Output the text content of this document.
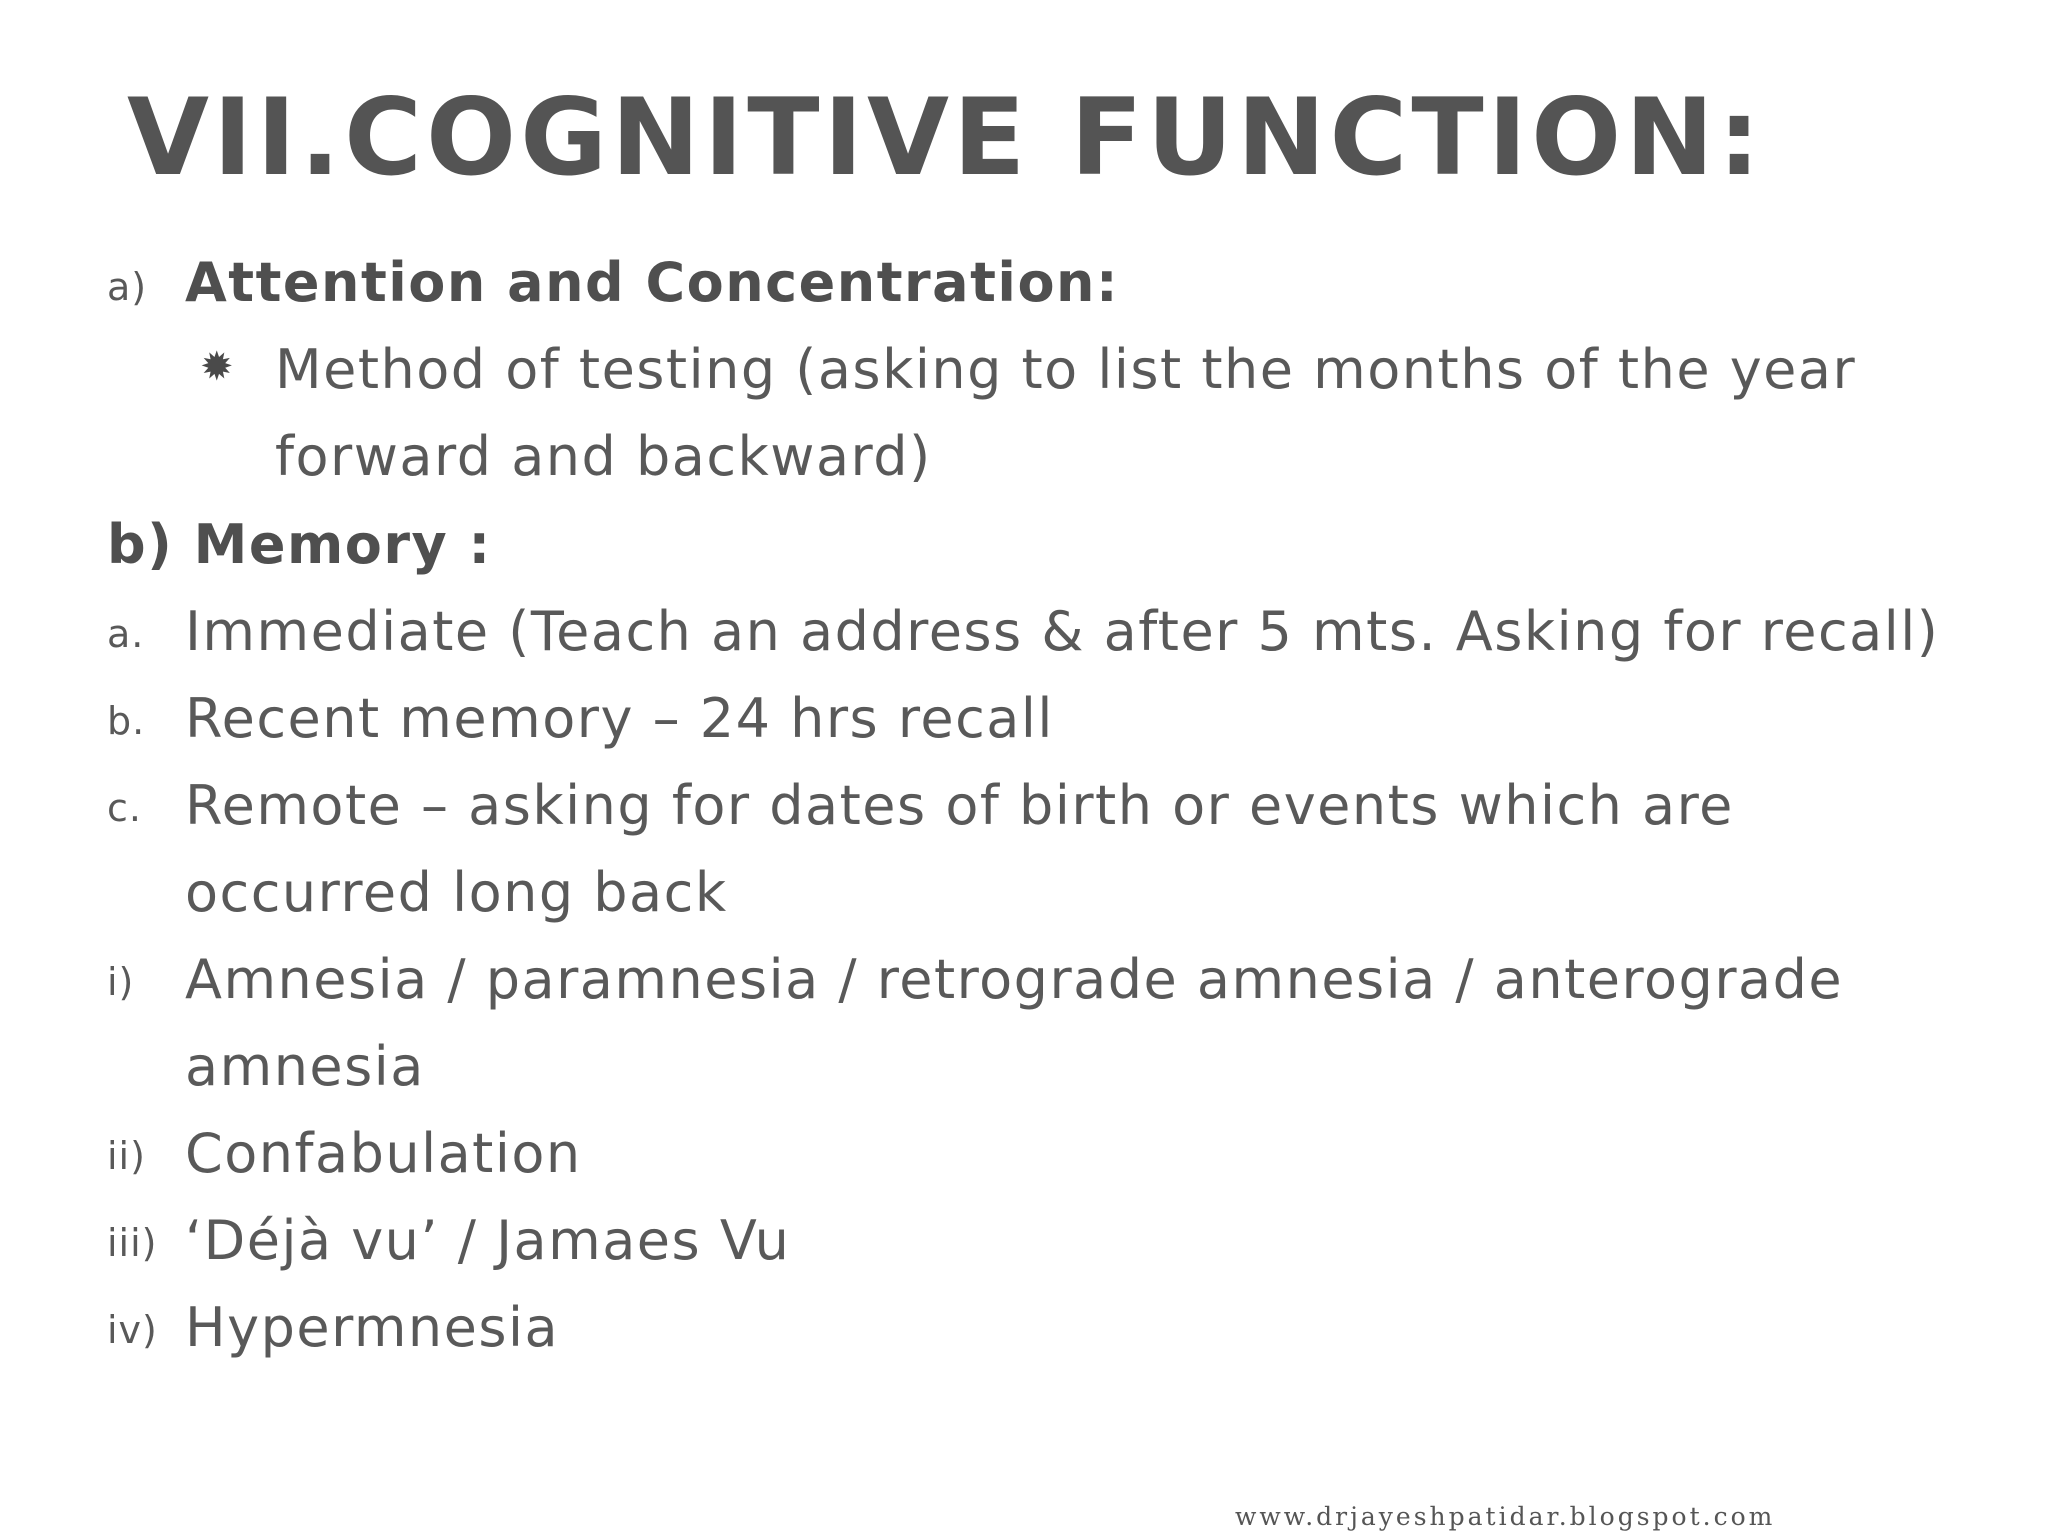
VII.COGNITIVE FUNCTION:
a) Attention and Concentration:
✹ Method of testing (asking to list the months of the year
forward and backward)
b) Memory :
a. Immediate (Teach an address & after 5 mts. Asking for recall)
b. Recent memory – 24 hrs recall
c. Remote – asking for dates of birth or events which are
occurred long back
i) Amnesia / paramnesia / retrograde amnesia / anterograde
amnesia
ii) Confabulation
iii) ‘Déjà vu’ / Jamaes Vu
iv) Hypermnesia
www.drjayeshpatidar.blogspot.com
